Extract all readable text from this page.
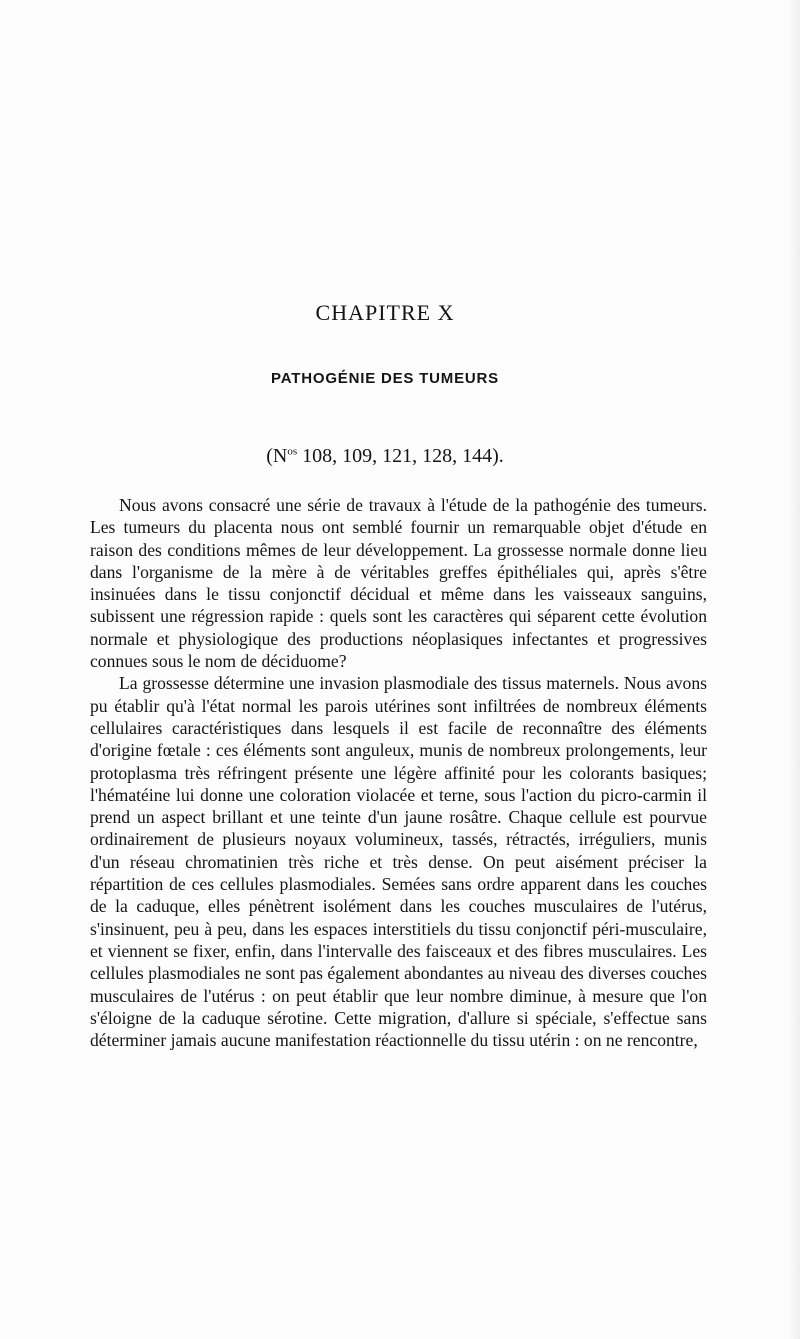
CHAPITRE X
PATHOGÉNIE DES TUMEURS
($N^{os}$ 108, 109, 121, 128, 144).

Nous avons consacré une série de travaux à l'étude de la pathogénie des tumeurs. Les tumeurs du placenta nous ont semblé fournir un remarquable objet d'étude en raison des conditions mêmes de leur développement. La grossesse normale donne lieu dans l'organisme de la mère à de véritables greffes épithéliales qui, après s'être insinuées dans le tissu conjonctif décidual et même dans les vaisseaux sanguins, subissent une régression rapide : quels sont les caractères qui séparent cette évolution normale et physiologique des productions néoplasiques infectantes et progressives connues sous le nom de déciduome?

La grossesse détermine une invasion plasmodiale des tissus maternels. Nous avons pu établir qu'à l'état normal les parois utérines sont infiltrées de nombreux éléments cellulaires caractéristiques dans lesquels il est facile de reconnaître des éléments d'origine fœtale : ces éléments sont anguleux, munis de nombreux prolongements, leur protoplasma très réfringent présente une légère affinité pour les colorants basiques; l'hématéine lui donne une coloration violacée et terne, sous l'action du picro-carmin il prend un aspect brillant et une teinte d'un jaune rosâtre. Chaque cellule est pourvue ordinairement de plusieurs noyaux volumineux, tassés, rétractés, irréguliers, munis d'un réseau chromatinien très riche et très dense. On peut aisément préciser la répartition de ces cellules plasmodiales. Semées sans ordre apparent dans les couches de la caduque, elles pénètrent isolément dans les couches musculaires de l'utérus, s'insinuent, peu à peu, dans les espaces interstitiels du tissu conjonctif péri-musculaire, et viennent se fixer, enfin, dans l'intervalle des faisceaux et des fibres musculaires. Les cellules plasmodiales ne sont pas également abondantes au niveau des diverses couches musculaires de l'utérus : on peut établir que leur nombre diminue, à mesure que l'on s'éloigne de la caduque sérotine. Cette migration, d'allure si spéciale, s'effectue sans déterminer jamais aucune manifestation réactionnelle du tissu utérin : on ne rencontre,
